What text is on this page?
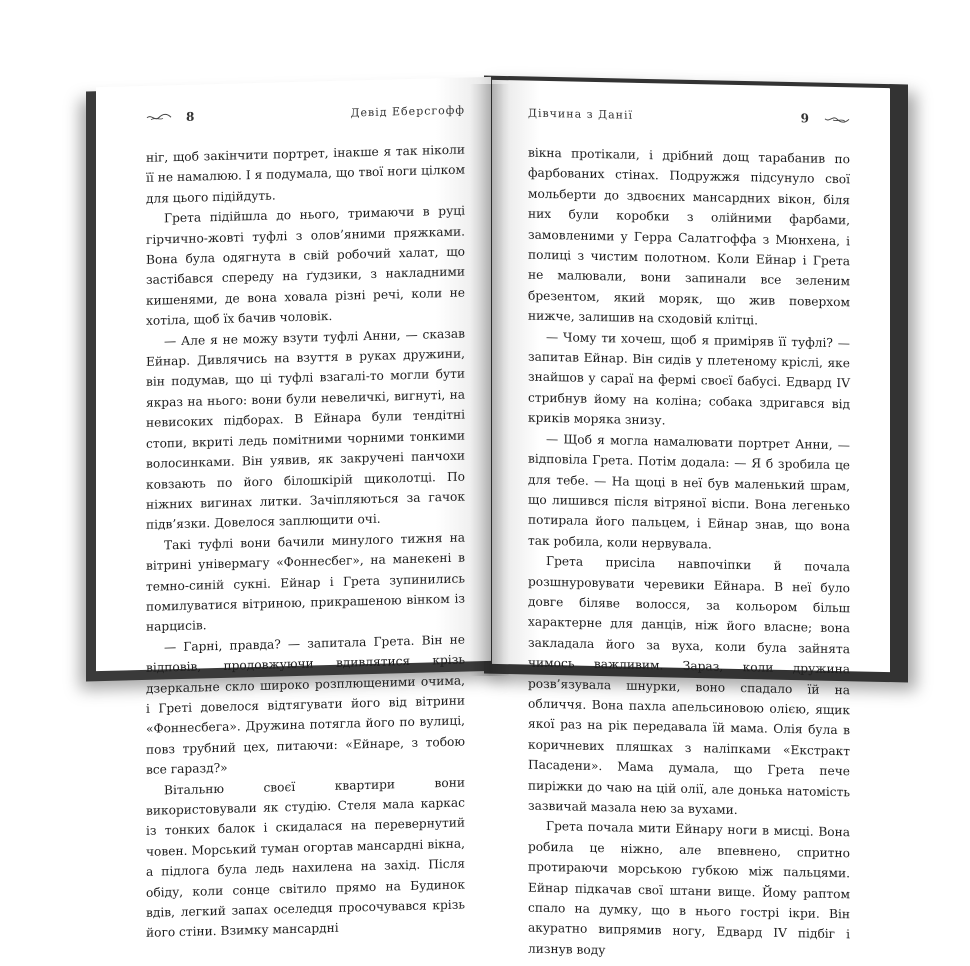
8	Девід Еберсгофф

ніг, щоб закінчити портрет, інакше я так ніколи її не намалюю. І я подумала, що твої ноги цілком для цього підійдуть.

Грета підійшла до нього, тримаючи в руці гірчично-жовті туфлі з олов’яними пряжками. Вона була одягнута в свій робочий халат, що застібався спереду на ґудзики, з накладними кишенями, де вона ховала різні речі, коли не хотіла, щоб їх бачив чоловік.

— Але я не можу взути туфлі Анни, — сказав Ейнар. Дивлячись на взуття в руках дружини, він подумав, що ці туфлі взагалі-то могли бути якраз на нього: вони були невеличкі, вигнуті, на невисоких підборах. В Ейнара були тендітні стопи, вкриті ледь помітними чорними тонкими волосинками. Він уявив, як закручені панчохи ковзають по його білошкірій щиколотці. По ніжних вигинах литки. Зачіпляються за гачок підв’язки. Довелося заплющити очі.

Такі туфлі вони бачили минулого тижня на вітрині універмагу «Фоннесбег», на манекені в темно-синій сукні. Ейнар і Грета зупинились помилуватися вітриною, прикрашеною вінком із нарцисів.

— Гарні, правда? — запитала Грета. Він не відповів, продовжуючи вдивлятися крізь дзеркальне скло широко розплющеними очима, і Греті довелося відтягувати його від вітрини «Фоннесбега». Дружина потягла його по вулиці, повз трубний цех, питаючи: «Ейнаре, з тобою все гаразд?»

Вітальню своєї квартири вони використовували як студію. Стеля мала каркас із тонких балок і скидалася на перевернутий човен. Морський туман огортав мансардні вікна, а підлога була ледь нахилена на захід. Після обіду, коли сонце світило прямо на Будинок вдів, легкий запах оселедця просочувався крізь його стіни. Взимку мансардні

Дівчина з Данії	9

вікна протікали, і дрібний дощ тарабанив по фарбованих стінах. Подружжя підсунуло свої мольберти до здвоєних мансардних вікон, біля них були коробки з олійними фарбами, замовленими у Герра Салатгоффа з Мюнхена, і полиці з чистим полотном. Коли Ейнар і Грета не малювали, вони запинали все зеленим брезентом, який моряк, що жив поверхом нижче, залишив на сходовій клітці.

— Чому ти хочеш, щоб я приміряв її туфлі? — запитав Ейнар. Він сидів у плетеному кріслі, яке знайшов у сараї на фермі своєї бабусі. Едвард IV стрибнув йому на коліна; собака здригався від криків моряка знизу.

— Щоб я могла намалювати портрет Анни, — відповіла Грета. Потім додала: — Я б зробила це для тебе. — На щоці в неї був маленький шрам, що лишився після вітряної віспи. Вона легенько потирала його пальцем, і Ейнар знав, що вона так робила, коли нервувала.

Грета присіла навпочіпки й почала розшнуровувати черевики Ейнара. В неї було довге біляве волосся, за кольором більш характерне для данців, ніж його власне; вона закладала його за вуха, коли була зайнята чимось важливим. Зараз, коли дружина розв’язувала шнурки, воно спадало їй на обличчя. Вона пахла апельсиновою олією, ящик якої раз на рік передавала їй мама. Олія була в коричневих пляшках з наліпками «Екстракт Пасадени». Мама думала, що Грета пече пиріжки до чаю на цій олії, але донька натомість зазвичай мазала нею за вухами.

Грета почала мити Ейнару ноги в мисці. Вона робила це ніжно, але впевнено, спритно протираючи морською губкою між пальцями. Ейнар підкачав свої штани вище. Йому раптом спало на думку, що в нього гострі ікри. Він акуратно випрямив ногу, Едвард IV підбіг і лизнув воду
